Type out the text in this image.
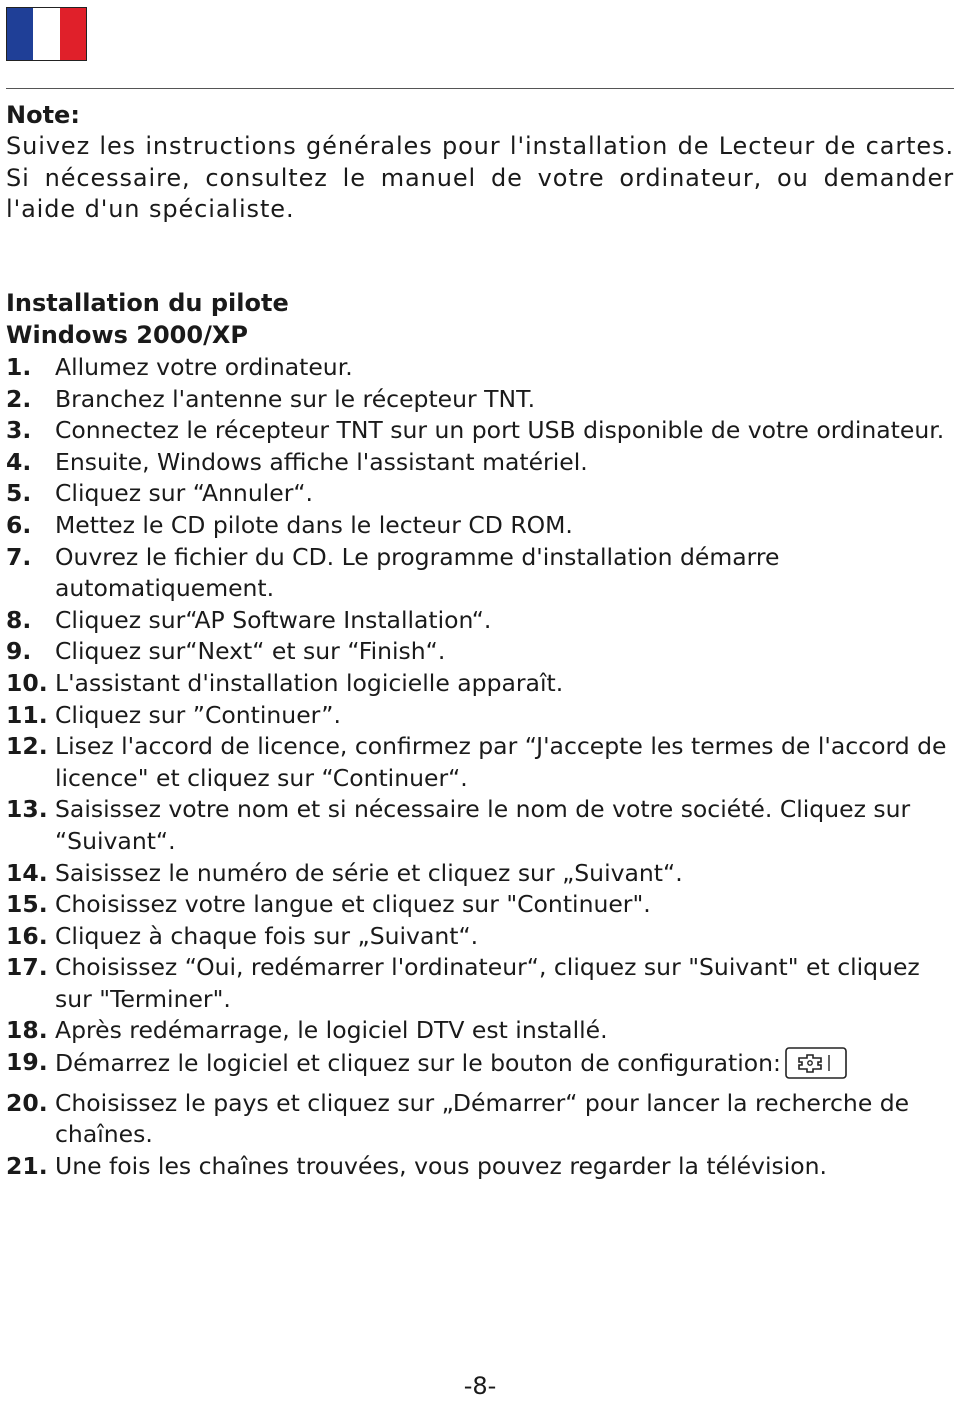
Note:

Suivez les instructions générales pour l'installation de Lecteur de cartes. Si nécessaire, consultez le manuel de votre ordinateur, ou demander l'aide d'un spécialiste.

Installation du pilote
Windows 2000/XP
1.	Allumez votre ordinateur.
2.	Branchez l'antenne sur le récepteur TNT.
3.	Connectez le récepteur TNT sur un port USB disponible de votre ordinateur.
4.	Ensuite, Windows affiche l'assistant matériel.
5.	Cliquez sur “Annuler“.
6.	Mettez le CD pilote dans le lecteur CD ROM.
7.	Ouvrez le fichier du CD. Le programme d'installation démarre automatiquement.
8.	Cliquez sur“AP Software Installation“.
9.	Cliquez sur“Next“ et sur “Finish“.
10. L'assistant d'installation logicielle apparaît.
11. Cliquez sur ”Continuer”.
12. Lisez l'accord de licence, confirmez par “J'accepte les termes de l'accord de licence" et cliquez sur “Continuer“.
13. Saisissez votre nom et si nécessaire le nom de votre société. Cliquez sur “Suivant“.
14. Saisissez le numéro de série et cliquez sur „Suivant“.
15. Choisissez votre langue et cliquez sur "Continuer".
16. Cliquez à chaque fois sur „Suivant“.
17. Choisissez “Oui, redémarrer l'ordinateur“, cliquez sur "Suivant" et cliquez sur "Terminer".
18. Après redémarrage, le logiciel DTV est installé.
19. Démarrez le logiciel et cliquez sur le bouton de configuration:
20. Choisissez le pays et cliquez sur „Démarrer“ pour lancer la recherche de chaînes.
21. Une fois les chaînes trouvées, vous pouvez regarder la télévision.
-8-
